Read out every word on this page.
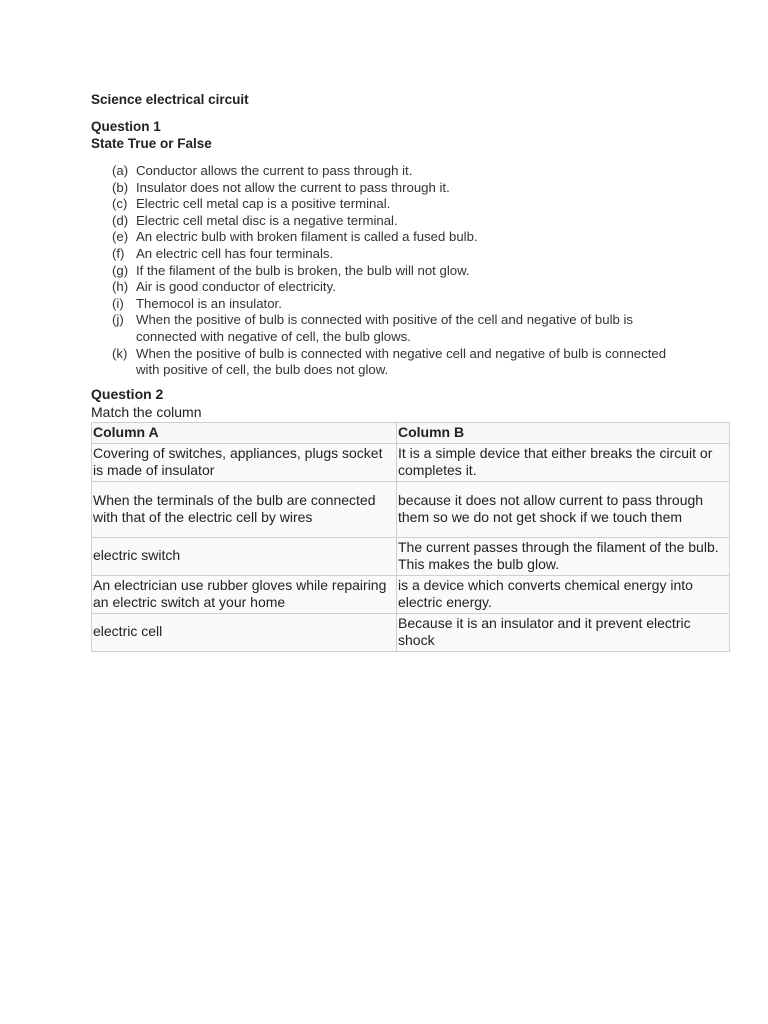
Science electrical circuit
Question 1
State True or False
(a) Conductor allows the current to pass through it.
(b) Insulator does not allow the current to pass through it.
(c) Electric cell metal cap is a positive terminal.
(d) Electric cell metal disc is a negative terminal.
(e) An electric bulb with broken filament is called a fused bulb.
(f) An electric cell has four terminals.
(g) If the filament of the bulb is broken, the bulb will not glow.
(h) Air is good conductor of electricity.
(i) Themocol is an insulator.
(j) When the positive of bulb is connected with positive of the cell and negative of bulb is connected with negative of cell, the bulb glows.
(k) When the positive of bulb is connected with negative cell and negative of bulb is connected with positive of cell, the bulb does not glow.
Question 2
Match the column
Column A	Column B
Covering of switches, appliances, plugs socket is made of insulator	It is a simple device that either breaks the circuit or completes it.
When the terminals of the bulb are connected with that of the electric cell by wires	because it does not allow current to pass through them so we do not get shock if we touch them
electric switch	The current passes through the filament of the bulb. This makes the bulb glow.
An electrician use rubber gloves while repairing an electric switch at your home	is a device which converts chemical energy into electric energy.
electric cell	Because it is an insulator and it prevent electric shock
